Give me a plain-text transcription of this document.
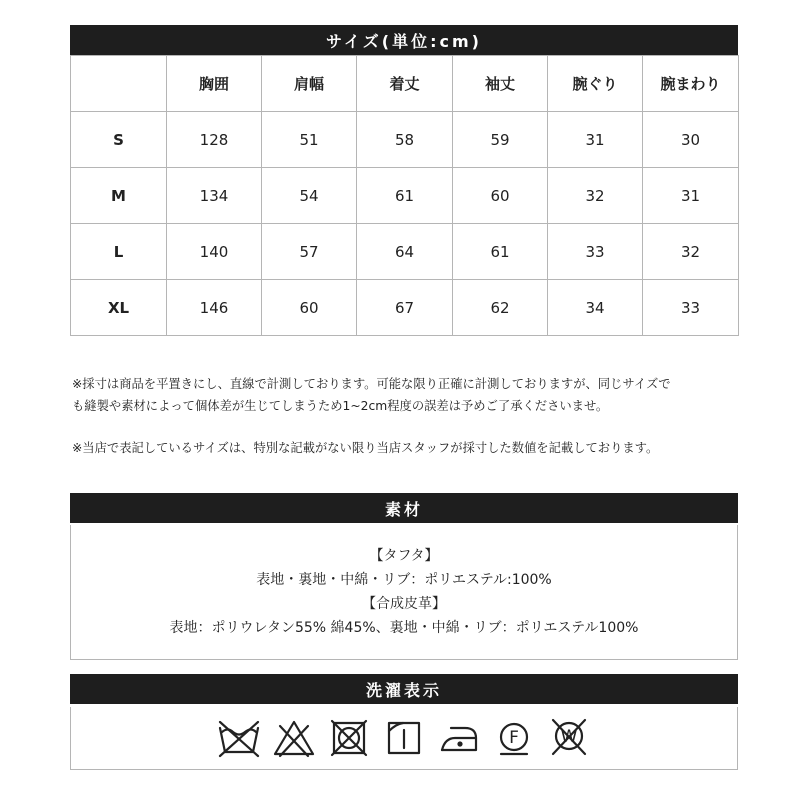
サイズ(単位:cm)
	胸囲	肩幅	着丈	袖丈	腕ぐり	腕まわり
S	128	51	58	59	31	30
M	134	54	61	60	32	31
L	140	57	64	61	33	32
XL	146	60	67	62	34	33

※採寸は商品を平置きにし、直線で計測しております。可能な限り正確に計測しておりますが、同じサイズで

も縫製や素材によって個体差が生じてしまうため1~2cm程度の誤差は予めご了承くださいませ。

※当店で表記しているサイズは、特別な記載がない限り当店スタッフが採寸した数値を記載しております。

素材
【タフタ】
表地・裏地・中綿・リブ：ポリエステル:100%
【合成皮革】
表地：ポリウレタン55% 綿45%、裏地・中綿・リブ：ポリエステル100%
洗濯表示
F W
